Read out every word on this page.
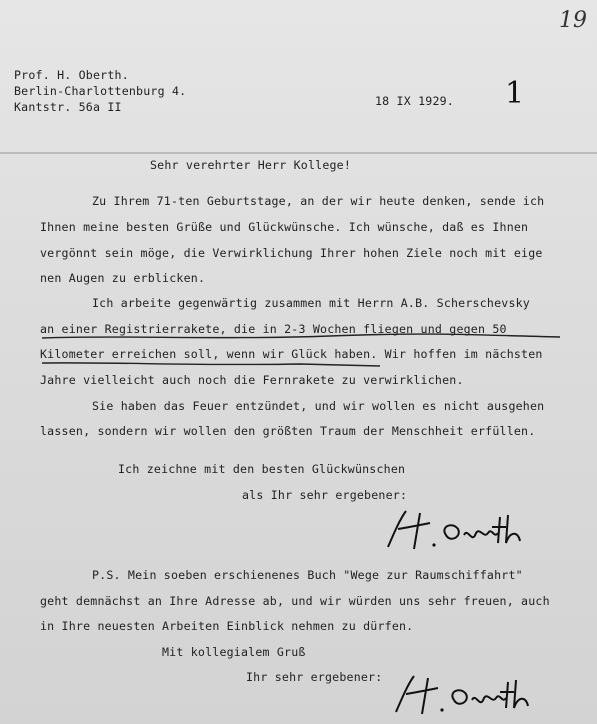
19
Prof. H. Oberth.
Berlin-Charlottenburg 4.
Kantstr. 56a II	18 IX 1929. 1
Sehr verehrter Herr Kollege!
Zu Ihrem 71-ten Geburtstage, an der wir heute denken, sende ich
Ihnen meine besten Grüße und Glückwünsche. Ich wünsche, daß es Ihnen
vergönnt sein möge, die Verwirklichung Ihrer hohen Ziele noch mit eige
nen Augen zu erblicken.
Ich arbeite gegenwärtig zusammen mit Herrn A.B. Scherschevsky
an einer Registrierrakete, die in 2-3 Wochen fliegen und gegen 50
Kilometer erreichen soll, wenn wir Glück haben. Wir hoffen im nächsten
Jahre vielleicht auch noch die Fernrakete zu verwirklichen.
Sie haben das Feuer entzündet, und wir wollen es nicht ausgehen
lassen, sondern wir wollen den größten Traum der Menschheit erfüllen.
Ich zeichne mit den besten Glückwünschen
als Ihr sehr ergebener:
P.S. Mein soeben erschienenes Buch "Wege zur Raumschiffahrt"
geht demnächst an Ihre Adresse ab, und wir würden uns sehr freuen, auch
in Ihre neuesten Arbeiten Einblick nehmen zu dürfen.
Mit kollegialem Gruß
Ihr sehr ergebener:
